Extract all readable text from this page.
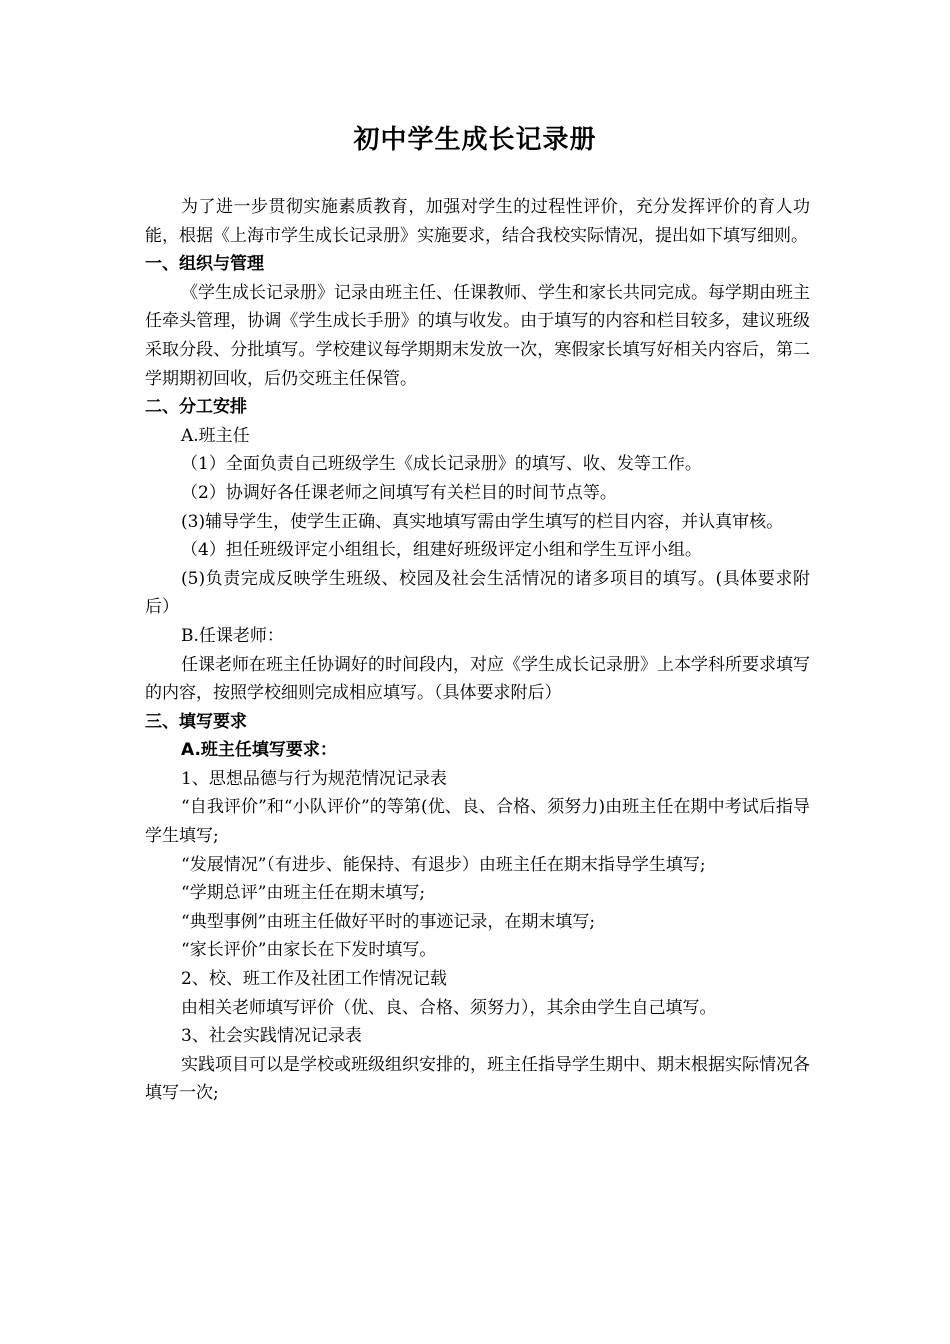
初中学生成长记录册

为了进一步贯彻实施素质教育，加强对学生的过程性评价，充分发挥评价的育人功能，根据《上海市学生成长记录册》实施要求，结合我校实际情况，提出如下填写细则。

一、组织与管理

《学生成长记录册》记录由班主任、任课教师、学生和家长共同完成。每学期由班主任牵头管理，协调《学生成长手册》的填与收发。由于填写的内容和栏目较多，建议班级采取分段、分批填写。学校建议每学期期末发放一次，寒假家长填写好相关内容后，第二学期期初回收，后仍交班主任保管。

二、分工安排

A.班主任

（1）全面负责自己班级学生《成长记录册》的填写、收、发等工作。

（2）协调好各任课老师之间填写有关栏目的时间节点等。

(3)辅导学生，使学生正确、真实地填写需由学生填写的栏目内容，并认真审核。

（4）担任班级评定小组组长，组建好班级评定小组和学生互评小组。

(5)负责完成反映学生班级、校园及社会生活情况的诸多项目的填写。(具体要求附后）

B.任课老师：

任课老师在班主任协调好的时间段内，对应《学生成长记录册》上本学科所要求填写的内容，按照学校细则完成相应填写。（具体要求附后）

三、填写要求

A.班主任填写要求：

1、思想品德与行为规范情况记录表

“自我评价”和“小队评价”的等第(优、良、合格、须努力)由班主任在期中考试后指导学生填写;

“发展情况”（有进步、能保持、有退步）由班主任在期末指导学生填写;

“学期总评”由班主任在期末填写;

“典型事例”由班主任做好平时的事迹记录，在期末填写;

“家长评价”由家长在下发时填写。

2、校、班工作及社团工作情况记载

由相关老师填写评价（优、良、合格、须努力），其余由学生自己填写。

3、社会实践情况记录表

实践项目可以是学校或班级组织安排的，班主任指导学生期中、期末根据实际情况各填写一次;
